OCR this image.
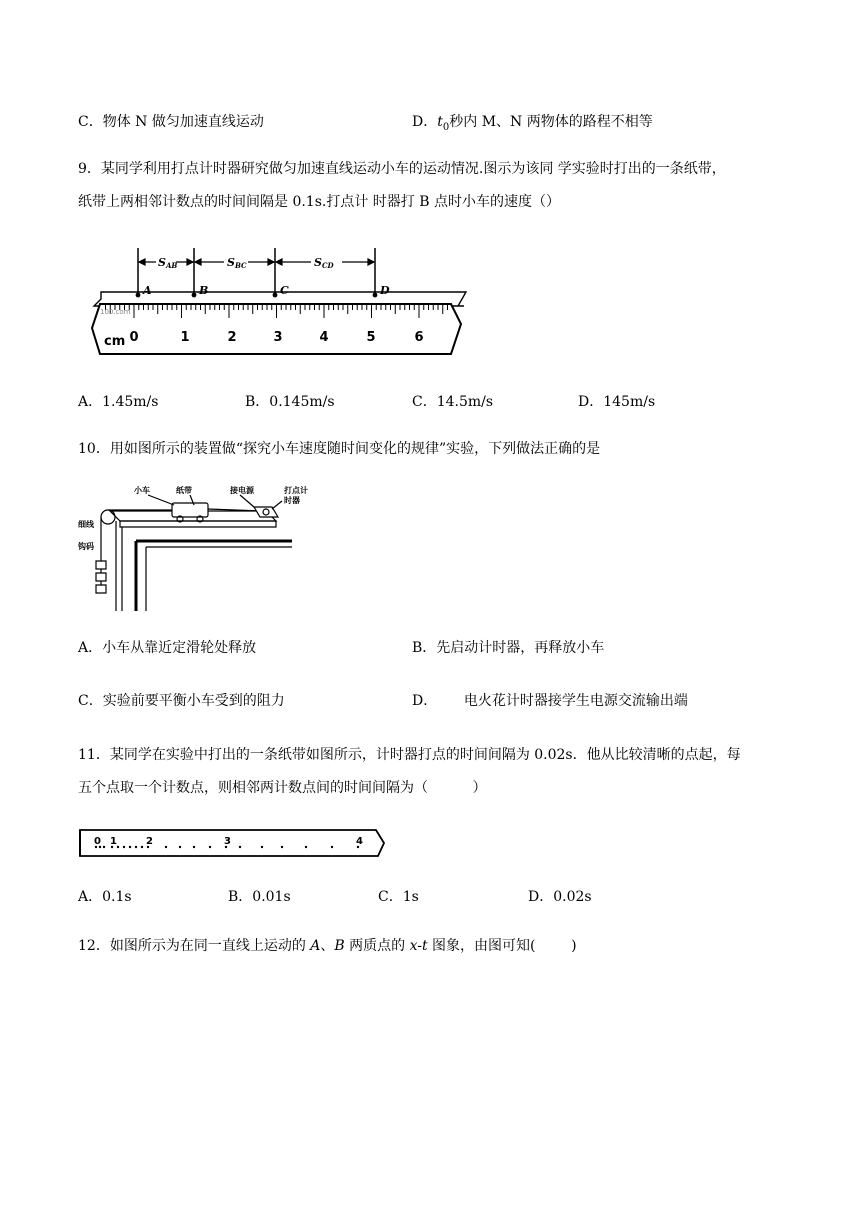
C．物体 N 做匀加速直线运动	D．$t_0$秒内 M、N 两物体的路程不相等
9．某同学利用打点计时器研究做匀加速直线运动小车的运动情况.图示为该同 学实验时打出的一条纸带，
纸带上两相邻计数点的时间间隔是 0.1s.打点计 时器打 B 点时小车的速度（）
0	1	2	3	4	5	6
cm
100.com
SAB	SBC	SCD
A	B	C	D
A．1.45m/s	B．0.145m/s	C．14.5m/s	D．145m/s
10．用如图所示的装置做“探究小车速度随时间变化的规律”实验，下列做法正确的是
小车	纸带	接电源	打点计
时器
细线
钩码
A．小车从靠近定滑轮处释放	B．先启动计时器，再释放小车
C．实验前要平衡小车受到的阻力	D．      电火花计时器接学生电源交流输出端
11．某同学在实验中打出的一条纸带如图所示，计时器打点的时间间隔为 0.02s．他从比较清晰的点起，每
五个点取一个计数点，则相邻两计数点间的时间间隔为（          ）
0 1	2	3	4
A．0.1s	B．0.01s	C．1s	D．0.02s
12．如图所示为在同一直线上运动的 A、B 两质点的 x-t 图象，由图可知(        )
